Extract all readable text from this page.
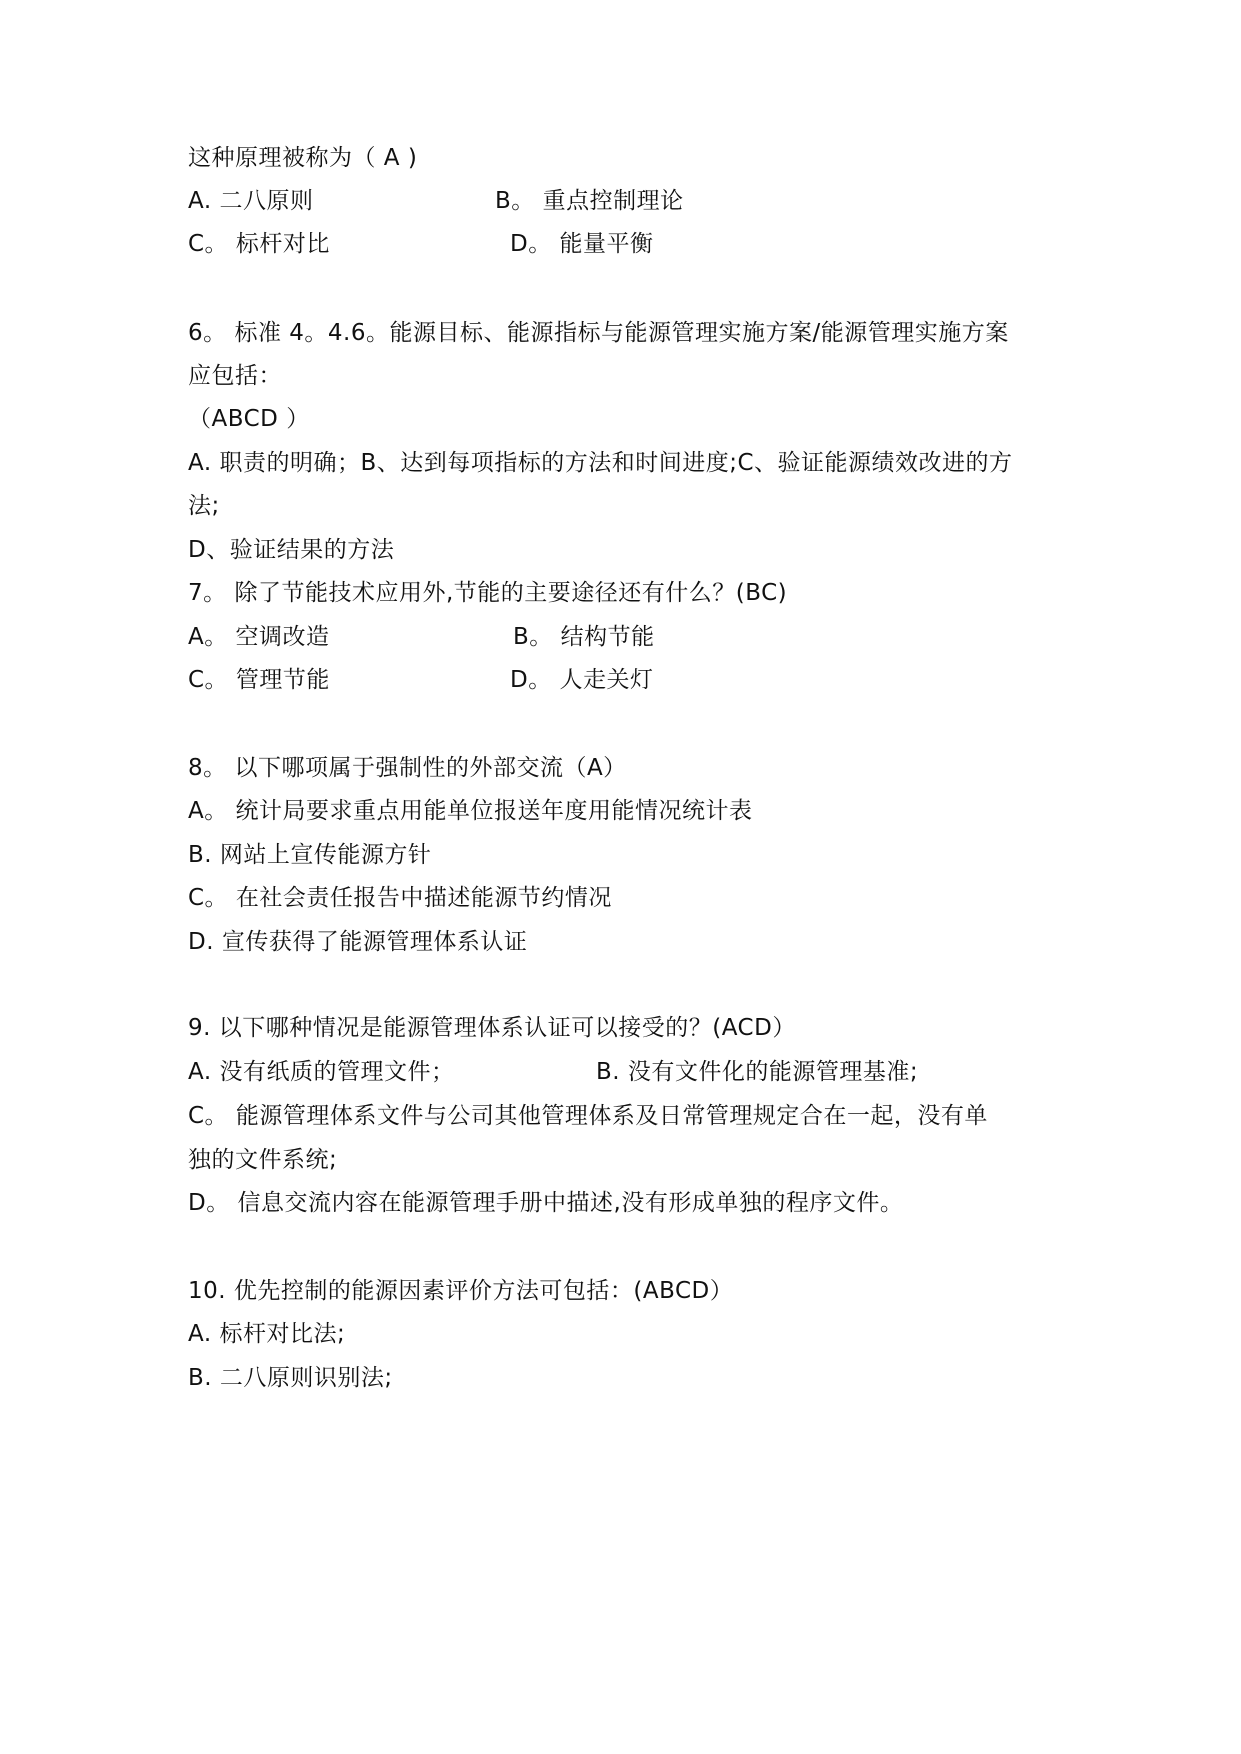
这种原理被称为（ A )
A. 二八原则	B。 重点控制理论
C。 标杆对比	D。 能量平衡
6。 标准 4。4.6。能源目标、能源指标与能源管理实施方案/能源管理实施方案
应包括：
（ABCD ）
A. 职责的明确；B、达到每项指标的方法和时间进度;C、验证能源绩效改进的方
法;
D、验证结果的方法
7。 除了节能技术应用外,节能的主要途径还有什么？(BC)
A。 空调改造	B。 结构节能
C。 管理节能	D。 人走关灯
8。 以下哪项属于强制性的外部交流（A）
A。 统计局要求重点用能单位报送年度用能情况统计表
B. 网站上宣传能源方针
C。 在社会责任报告中描述能源节约情况
D. 宣传获得了能源管理体系认证
9. 以下哪种情况是能源管理体系认证可以接受的？(ACD）
A. 没有纸质的管理文件；	B. 没有文件化的能源管理基准;
C。 能源管理体系文件与公司其他管理体系及日常管理规定合在一起，没有单
独的文件系统;
D。 信息交流内容在能源管理手册中描述,没有形成单独的程序文件。
10. 优先控制的能源因素评价方法可包括：(ABCD）
A. 标杆对比法;
B. 二八原则识别法;
